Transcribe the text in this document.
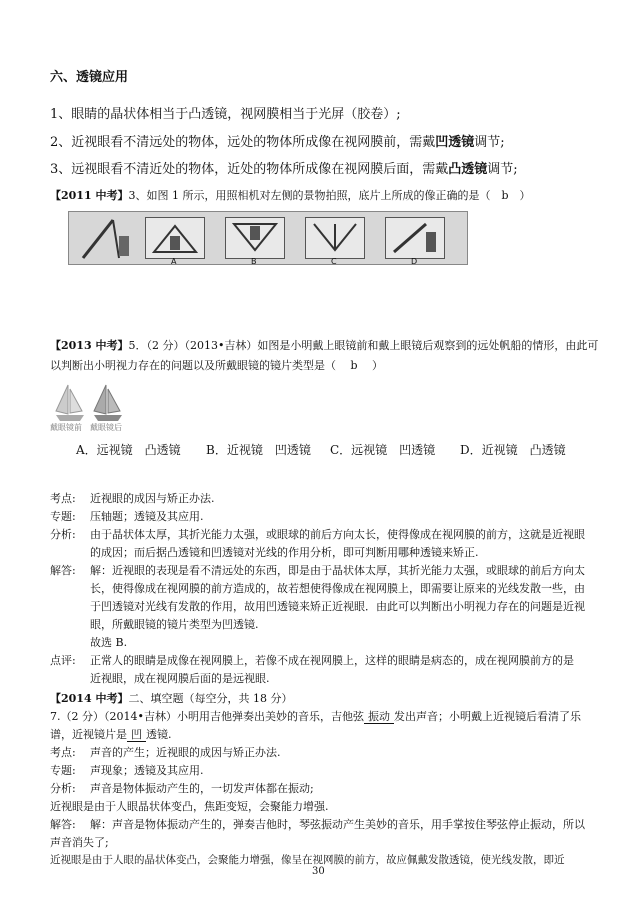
六、透镜应用
1、眼睛的晶状体相当于凸透镜，视网膜相当于光屏（胶卷）;
2、近视眼看不清远处的物体，远处的物体所成像在视网膜前，需戴凹透镜调节;
3、远视眼看不清近处的物体，近处的物体所成像在视网膜后面，需戴凸透镜调节;
【2011 中考】3、如图 1 所示，用照相机对左侧的景物拍照，底片上所成的像正确的是（　b　）
A	B	C	D
【2013 中考】5．（2 分）（2013•吉林）如图是小明戴上眼镜前和戴上眼镜后观察到的远处帆船的情形，由此可
以判断出小明视力存在的问题以及所戴眼镜的镜片类型是（　 b　 ）
戴眼镜前 戴眼镜后
A．远视镜　凸透镜 B．近视镜　凹透镜 C．远视镜　凹透镜 D．近视镜　凸透镜
考点: 近视眼的成因与矫正办法.
专题: 压轴题；透镜及其应用.
分析: 由于晶状体太厚，其折光能力太强，或眼球的前后方向太长，使得像成在视网膜的前方，这就是近视眼
的成因；而后据凸透镜和凹透镜对光线的作用分析，即可判断用哪种透镜来矫正.
解答: 解：近视眼的表现是看不清远处的东西，即是由于晶状体太厚，其折光能力太强，或眼球的前后方向太
长，使得像成在视网膜的前方造成的，故若想使得像成在视网膜上，即需要让原来的光线发散一些，由
于凹透镜对光线有发散的作用，故用凹透镜来矫正近视眼．由此可以判断出小明视力存在的问题是近视
眼，所戴眼镜的镜片类型为凹透镜.
故选 B.
点评: 正常人的眼睛是成像在视网膜上，若像不成在视网膜上，这样的眼睛是病态的，成在视网膜前方的是
近视眼，成在视网膜后面的是远视眼.
【2014 中考】二、填空题（每空分，共 18 分）
7.（2 分）（2014•吉林）小明用吉他弹奏出美妙的音乐，吉他弦 振动 发出声音；小明戴上近视镜后看清了乐
谱，近视镜片是 凹 透镜.
考点: 声音的产生；近视眼的成因与矫正办法.
专题: 声现象；透镜及其应用.
分析: 声音是物体振动产生的，一切发声体都在振动;
近视眼是由于人眼晶状体变凸，焦距变短，会聚能力增强.
解答: 解：声音是物体振动产生的，弹奏吉他时，琴弦振动产生美妙的音乐，用手掌按住琴弦停止振动，所以
声音消失了;
近视眼是由于人眼的晶状体变凸，会聚能力增强，像呈在视网膜的前方，故应佩戴发散透镜，使光线发散，即近
30
